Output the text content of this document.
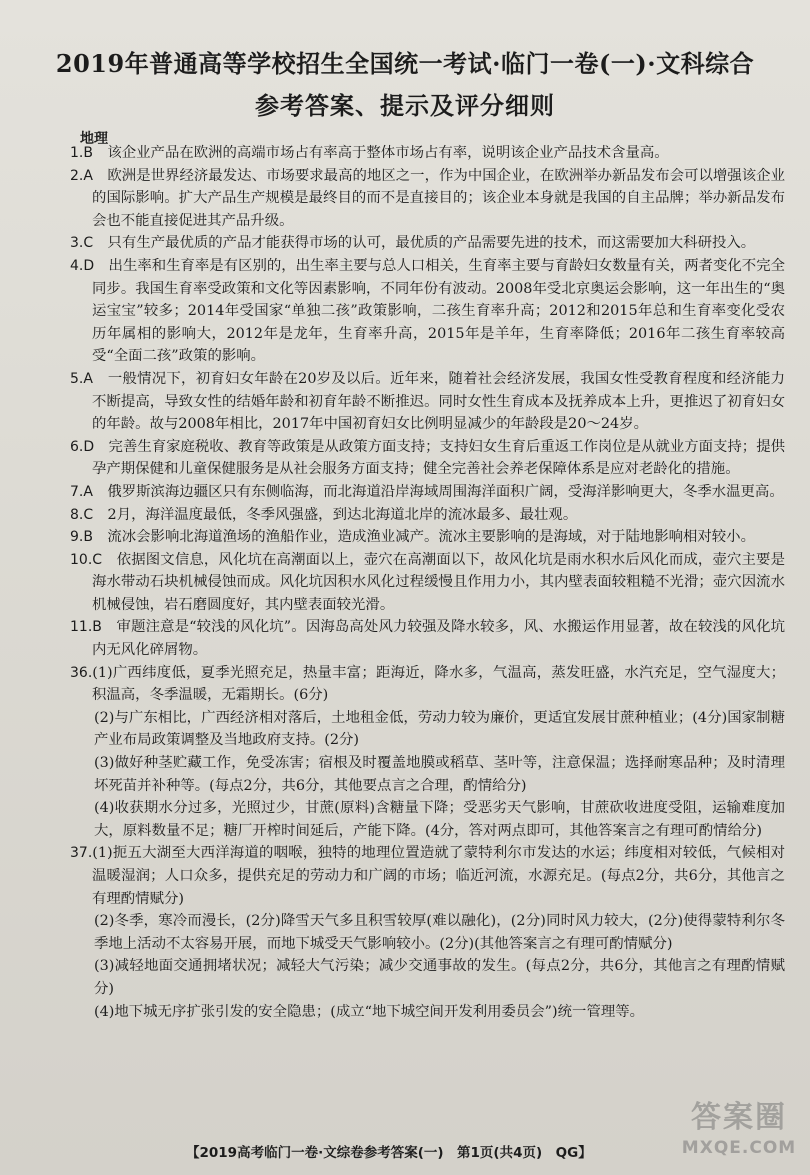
2019年普通高等学校招生全国统一考试·临门一卷(一)·文科综合
参考答案、提示及评分细则
地理
1.B　 该企业产品在欧洲的高端市场占有率高于整体市场占有率，说明该企业产品技术含量高。
2.A　 欧洲是世界经济最发达、市场要求最高的地区之一，作为中国企业，在欧洲举办新品发布会可以增强该企业的国际影响。扩大产品生产规模是最终目的而不是直接目的；该企业本身就是我国的自主品牌；举办新品发布会也不能直接促进其产品升级。
3.C　 只有生产最优质的产品才能获得市场的认可，最优质的产品需要先进的技术，而这需要加大科研投入。
4.D　 出生率和生育率是有区别的，出生率主要与总人口相关，生育率主要与育龄妇女数量有关，两者变化不完全同步。我国生育率受政策和文化等因素影响，不同年份有波动。2008年受北京奥运会影响，这一年出生的“奥运宝宝”较多；2014年受国家“单独二孩”政策影响，二孩生育率升高；2012和2015年总和生育率变化受农历年属相的影响大，2012年是龙年，生育率升高，2015年是羊年，生育率降低；2016年二孩生育率较高受“全面二孩”政策的影响。
5.A　 一般情况下，初育妇女年龄在20岁及以后。近年来，随着社会经济发展，我国女性受教育程度和经济能力不断提高，导致女性的结婚年龄和初育年龄不断推迟。同时女性生育成本及抚养成本上升，更推迟了初育妇女的年龄。故与2008年相比，2017年中国初育妇女比例明显减少的年龄段是20～24岁。
6.D　 完善生育家庭税收、教育等政策是从政策方面支持；支持妇女生育后重返工作岗位是从就业方面支持；提供孕产期保健和儿童保健服务是从社会服务方面支持；健全完善社会养老保障体系是应对老龄化的措施。
7.A　 俄罗斯滨海边疆区只有东侧临海，而北海道沿岸海域周围海洋面积广阔，受海洋影响更大，冬季水温更高。
8.C　 2月，海洋温度最低，冬季风强盛，到达北海道北岸的流冰最多、最壮观。
9.B　 流冰会影响北海道渔场的渔船作业，造成渔业减产。流冰主要影响的是海域，对于陆地影响相对较小。
10.C　 依据图文信息，风化坑在高潮面以上，壶穴在高潮面以下，故风化坑是雨水积水后风化而成，壶穴主要是海水带动石块机械侵蚀而成。风化坑因积水风化过程缓慢且作用力小，其内壁表面较粗糙不光滑；壶穴因流水机械侵蚀，岩石磨圆度好，其内壁表面较光滑。
11.B　 审题注意是“较浅的风化坑”。因海岛高处风力较强及降水较多，风、水搬运作用显著，故在较浅的风化坑内无风化碎屑物。
36.(1)广西纬度低，夏季光照充足，热量丰富；距海近，降水多，气温高，蒸发旺盛，水汽充足，空气湿度大；积温高，冬季温暖，无霜期长。(6分)
(2)与广东相比，广西经济相对落后，土地租金低，劳动力较为廉价，更适宜发展甘蔗种植业；(4分)国家制糖产业布局政策调整及当地政府支持。(2分)
(3)做好种茎贮藏工作，免受冻害；宿根及时覆盖地膜或稻草、茎叶等，注意保温；选择耐寒品种；及时清理坏死苗并补种等。(每点2分，共6分，其他要点言之合理，酌情给分)
(4)收获期水分过多，光照过少，甘蔗(原料)含糖量下降；受恶劣天气影响，甘蔗砍收进度受阻，运输难度加大，原料数量不足；糖厂开榨时间延后，产能下降。(4分，答对两点即可，其他答案言之有理可酌情给分)
37.(1)扼五大湖至大西洋海道的咽喉，独特的地理位置造就了蒙特利尔市发达的水运；纬度相对较低，气候相对温暖湿润；人口众多，提供充足的劳动力和广阔的市场；临近河流，水源充足。(每点2分，共6分，其他言之有理酌情赋分)
(2)冬季，寒冷而漫长，(2分)降雪天气多且积雪较厚(难以融化)，(2分)同时风力较大，(2分)使得蒙特利尔冬季地上活动不太容易开展，而地下城受天气影响较小。(2分)(其他答案言之有理可酌情赋分)
(3)减轻地面交通拥堵状况；减轻大气污染；减少交通事故的发生。(每点2分，共6分，其他言之有理酌情赋分)
(4)地下城无序扩张引发的安全隐患；(成立“地下城空间开发利用委员会”)统一管理等。
【2019高考临门一卷·文综卷参考答案(一)　第1页(共4页)　QG】
答案圈
MXQE.COM
